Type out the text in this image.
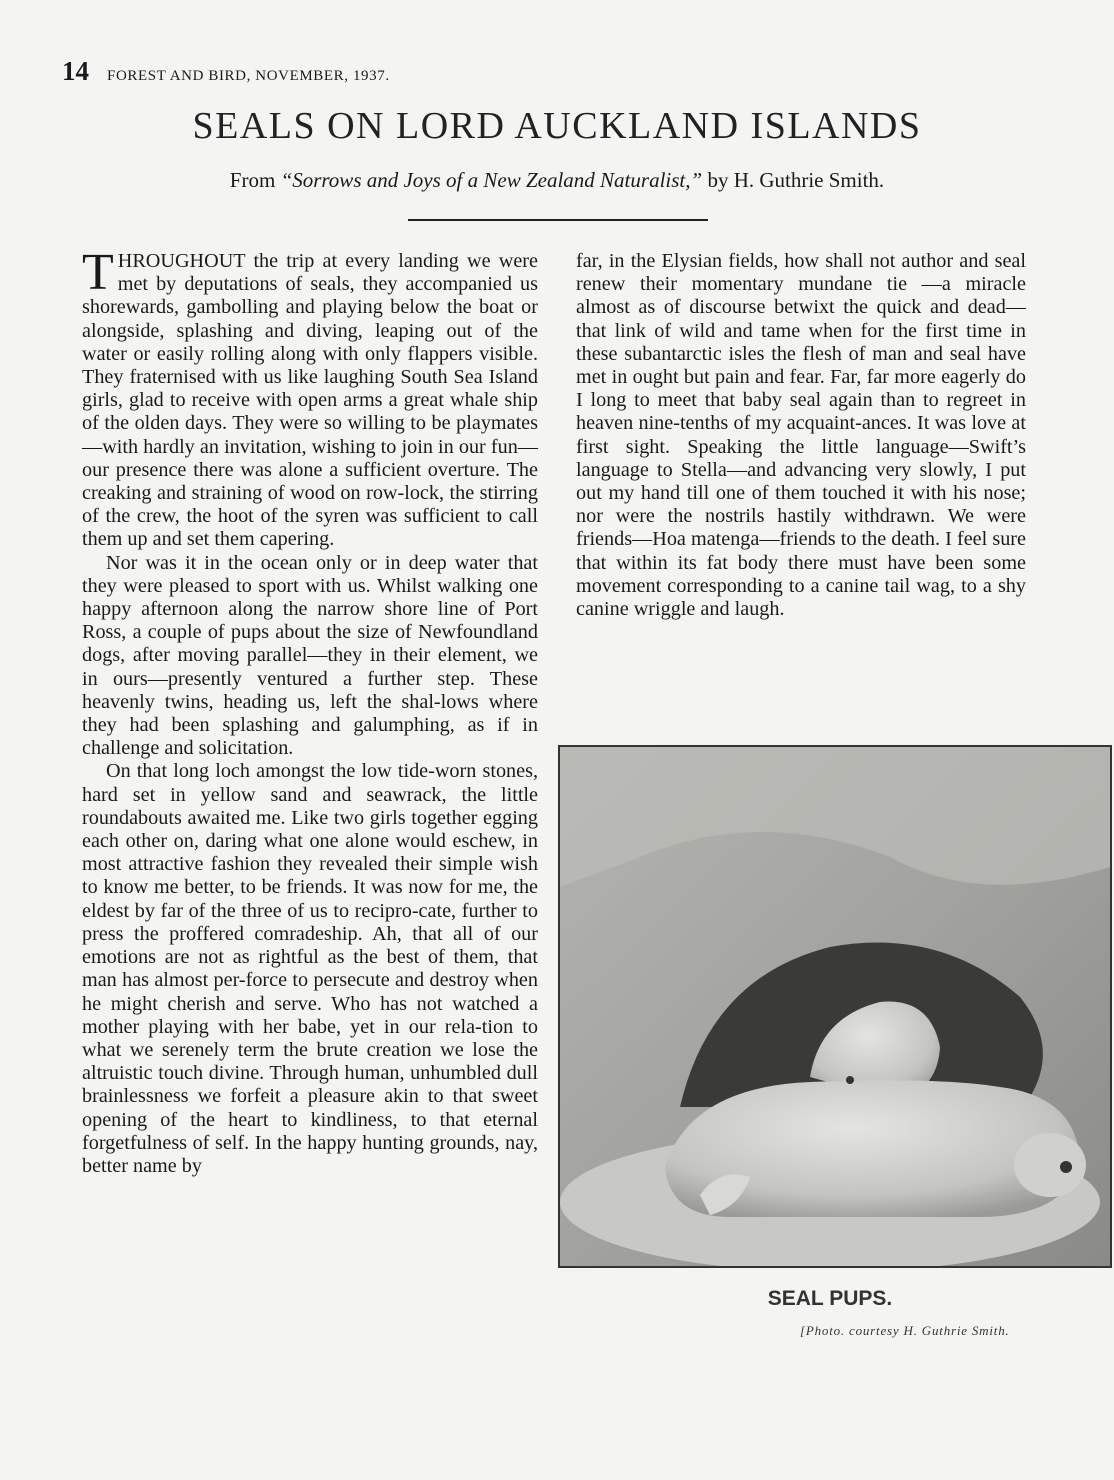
14 FOREST AND BIRD, NOVEMBER, 1937.
SEALS ON LORD AUCKLAND ISLANDS
From “Sorrows and Joys of a New Zealand Naturalist,” by H. Guthrie Smith.

THROUGHOUT the trip at every landing we were met by deputations of seals, they accompanied us shorewards, gambolling and playing below the boat or alongside, splashing and diving, leaping out of the water or easily rolling along with only flappers visible. They fraternised with us like laughing South Sea Island girls, glad to receive with open arms a great whale ship of the olden days. They were so willing to be playmates—with hardly an invitation, wishing to join in our fun—our presence there was alone a sufficient overture. The creaking and straining of wood on row-lock, the stirring of the crew, the hoot of the syren was sufficient to call them up and set them capering.

Nor was it in the ocean only or in deep water that they were pleased to sport with us. Whilst walking one happy afternoon along the narrow shore line of Port Ross, a couple of pups about the size of Newfoundland dogs, after moving parallel—they in their element, we in ours—presently ventured a further step. These heavenly twins, heading us, left the shal-lows where they had been splashing and galumphing, as if in challenge and solicitation.

On that long loch amongst the low tide-worn stones, hard set in yellow sand and seawrack, the little roundabouts awaited me. Like two girls together egging each other on, daring what one alone would eschew, in most attractive fashion they revealed their simple wish to know me better, to be friends. It was now for me, the eldest by far of the three of us to recipro-cate, further to press the proffered comradeship. Ah, that all of our emotions are not as rightful as the best of them, that man has almost per-force to persecute and destroy when he might cherish and serve. Who has not watched a mother playing with her babe, yet in our rela-tion to what we serenely term the brute creation we lose the altruistic touch divine. Through human, unhumbled dull brainlessness we forfeit a pleasure akin to that sweet opening of the heart to kindliness, to that eternal forgetfulness of self. In the happy hunting grounds, nay, better name by

far, in the Elysian fields, how shall not author and seal renew their momentary mundane tie —a miracle almost as of discourse betwixt the quick and dead—that link of wild and tame when for the first time in these subantarctic isles the flesh of man and seal have met in ought but pain and fear. Far, far more eagerly do I long to meet that baby seal again than to regreet in heaven nine-tenths of my acquaint-ances. It was love at first sight. Speaking the little language—Swift’s language to Stella—and advancing very slowly, I put out my hand till one of them touched it with his nose; nor were the nostrils hastily withdrawn. We were friends—Hoa matenga—friends to the death. I feel sure that within its fat body there must have been some movement corresponding to a canine tail wag, to a shy canine wriggle and laugh.

SEAL PUPS.
[Photo. courtesy H. Guthrie Smith.
